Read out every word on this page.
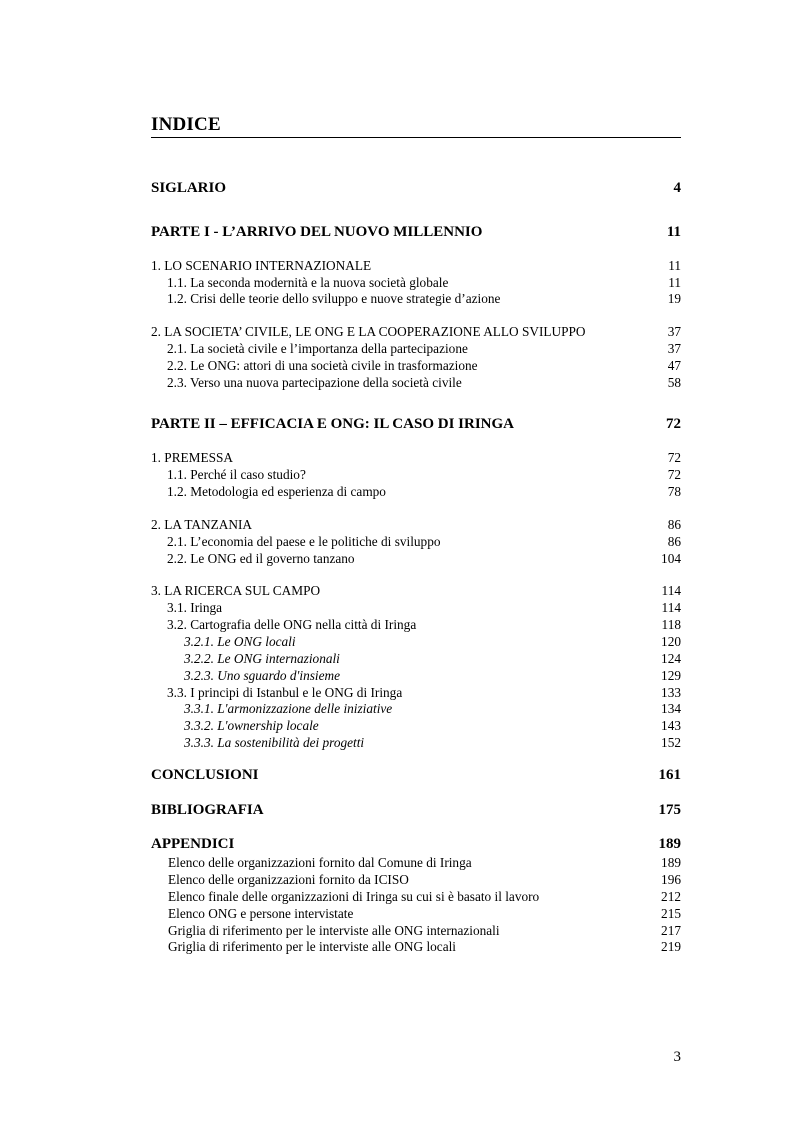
INDICE
SIGLARIO	4
PARTE I - L’ARRIVO DEL NUOVO MILLENNIO	11
1. LO SCENARIO INTERNAZIONALE	11
1.1. La seconda modernità e la nuova società globale	11
1.2. Crisi delle teorie dello sviluppo e nuove strategie d’azione	19
2. LA SOCIETA’ CIVILE, LE ONG E LA COOPERAZIONE ALLO SVILUPPO	37
2.1. La società civile e l’importanza della partecipazione	37
2.2. Le ONG: attori di una società civile in trasformazione	47
2.3. Verso una nuova partecipazione della società civile	58
PARTE II – EFFICACIA E ONG: IL CASO DI IRINGA	72
1. PREMESSA	72
1.1. Perché il caso studio?	72
1.2. Metodologia ed esperienza di campo	78
2. LA TANZANIA	86
2.1. L’economia del paese e le politiche di sviluppo	86
2.2. Le ONG ed il governo tanzano	104
3. LA RICERCA SUL CAMPO	114
3.1. Iringa	114
3.2. Cartografia delle ONG nella città di Iringa	118
3.2.1. Le ONG locali	120
3.2.2. Le ONG internazionali	124
3.2.3. Uno sguardo d'insieme	129
3.3. I principi di Istanbul e le ONG di Iringa	133
3.3.1. L'armonizzazione delle iniziative	134
3.3.2. L'ownership locale	143
3.3.3. La sostenibilità dei progetti	152
CONCLUSIONI	161
BIBLIOGRAFIA	175
APPENDICI	189
Elenco delle organizzazioni fornito dal Comune di Iringa	189
Elenco delle organizzazioni fornito da ICISO	196
Elenco finale delle organizzazioni di Iringa su cui si è basato il lavoro	212
Elenco ONG e persone intervistate	215
Griglia di riferimento per le interviste alle ONG internazionali	217
Griglia di riferimento per le interviste alle ONG locali	219
3
